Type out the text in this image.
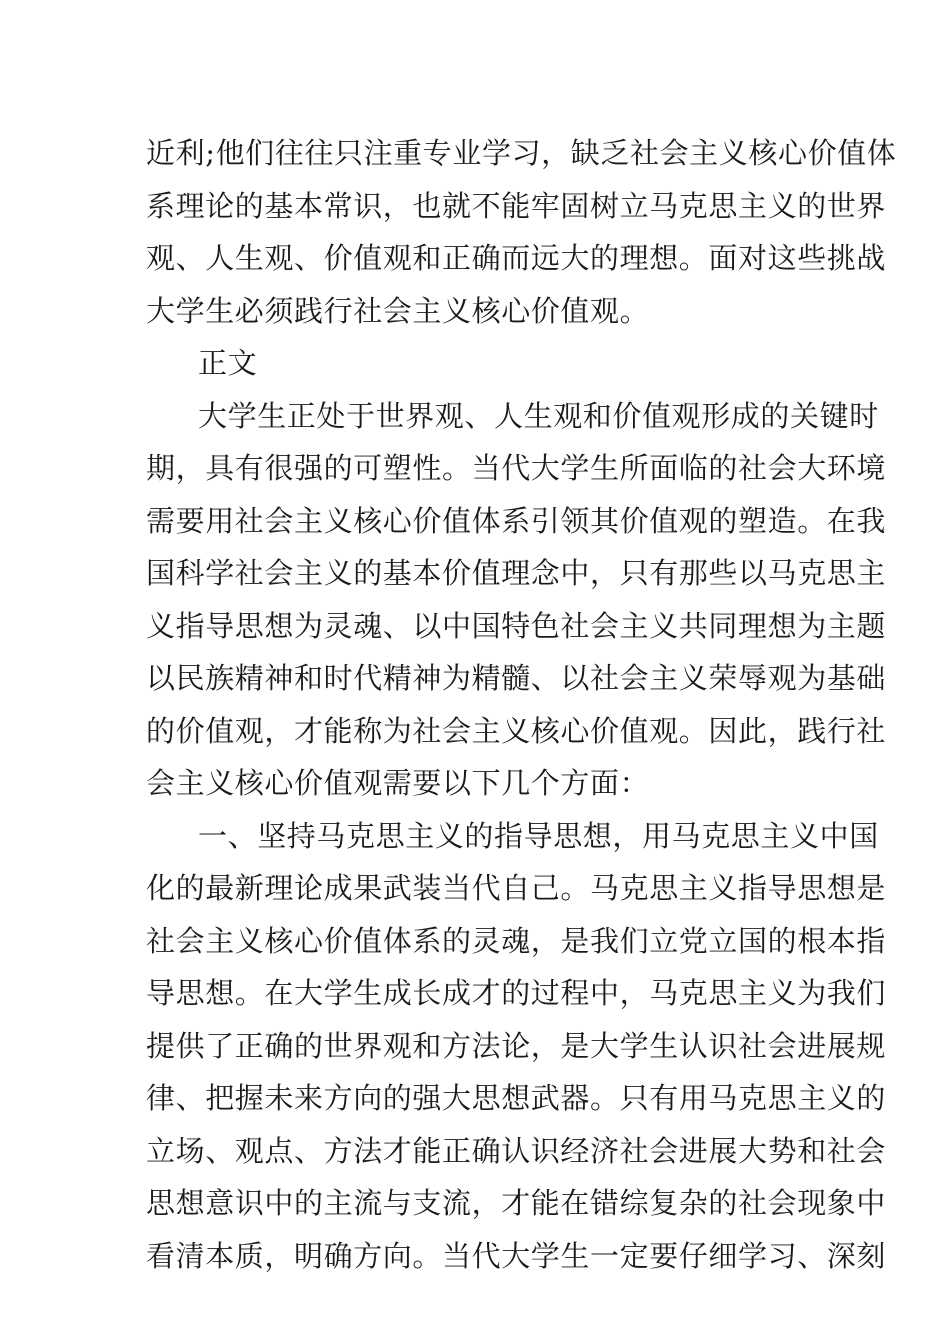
近利;他们往往只注重专业学习，缺乏社会主义核心价值体
系理论的基本常识，也就不能牢固树立马克思主义的世界
观、人生观、价值观和正确而远大的理想。面对这些挑战
大学生必须践行社会主义核心价值观。
正文
大学生正处于世界观、人生观和价值观形成的关键时
期，具有很强的可塑性。当代大学生所面临的社会大环境
需要用社会主义核心价值体系引领其价值观的塑造。在我
国科学社会主义的基本价值理念中，只有那些以马克思主
义指导思想为灵魂、以中国特色社会主义共同理想为主题
以民族精神和时代精神为精髓、以社会主义荣辱观为基础
的价值观，才能称为社会主义核心价值观。因此，践行社
会主义核心价值观需要以下几个方面：
一、坚持马克思主义的指导思想，用马克思主义中国
化的最新理论成果武装当代自己。马克思主义指导思想是
社会主义核心价值体系的灵魂，是我们立党立国的根本指
导思想。在大学生成长成才的过程中，马克思主义为我们
提供了正确的世界观和方法论，是大学生认识社会进展规
律、把握未来方向的强大思想武器。只有用马克思主义的
立场、观点、方法才能正确认识经济社会进展大势和社会
思想意识中的主流与支流，才能在错综复杂的社会现象中
看清本质，明确方向。当代大学生一定要仔细学习、深刻
